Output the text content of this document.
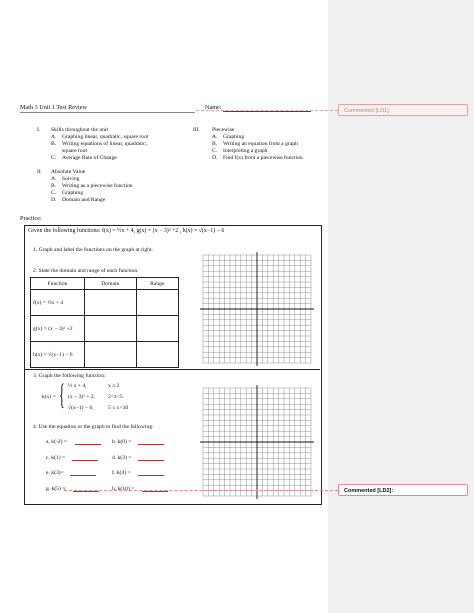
Math 3 Unit 1 Test Review	Name:
I. Skills throughout the unit
A. Graphing linear, quadratic, square root
B. Writing equations of linear, quadratic,
square root
C. Average Rate of Change
II. Absolute Value
A. Solving
B. Writing as a piecewise function
C. Graphing
D. Domain and Range
III. Piecewise
A. Graphing
B. Writing an equation from a graph
C. Interpreting a graph
D. Find f(x) from a piecewise function
Practice:
Given the following functions: f(x) = ½x + 4, g(x) = (x − 3)² +2 , h(x) = √(x−1) − 6
1. Graph and label the functions on the graph at right.
2. State the domain and range of each function:
Function	Domain	Range
f(x) = ½x + 4		
g(x) = (x − 3)² +2		
h(x) = √(x−1) − 6		
3. Graph the following function:
k(x) = { ½ x + 4,	x ≤ 2
(x − 3)² + 2, 2<x<5
√(x−1) − 6,	5 ≤ x<10
4. Use the equation or the graph to find the following:
a. k(-2) =	b. k(0) =
c. k(1) =	d. k(3) =
e. k(3)=	f. k(4) =
g. k(5) =	h. k(10) =
Commented [LD1]:
Commented [LD2]:
